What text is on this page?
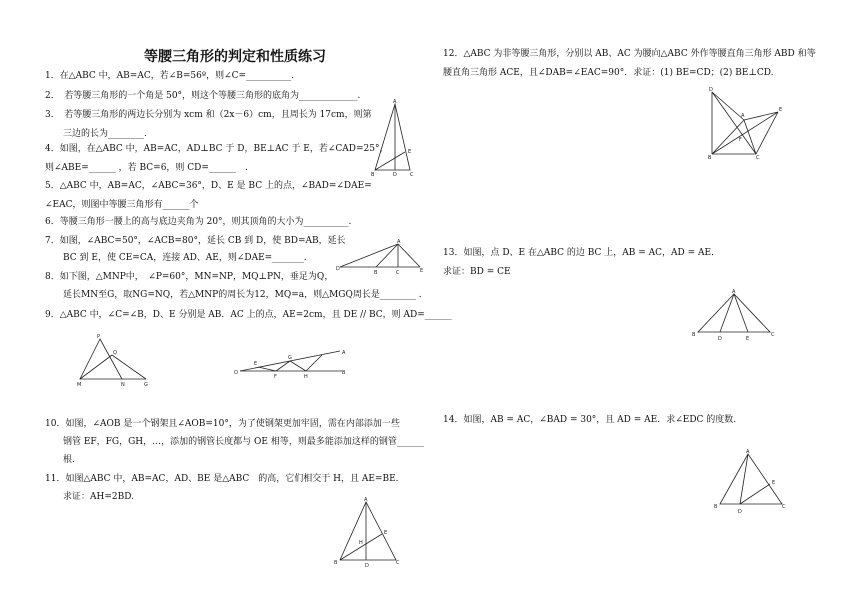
等腰三角形的判定和性质练习
1．在△ABC 中，AB=AC，若∠B=56º，则∠C=__________.
2．　若等腰三角形的一个角是 50°，则这个等腰三角形的底角为_____________.
3．　若等腰三角形的两边长分别为 xcm 和（2x－6）cm，且周长为 17cm，则第
　　三边的长为________.
4．如图，在△ABC 中，AB=AC，AD⊥BC 于 D，BE⊥AC 于 E，若∠CAD=25°，
则∠ABE=______ ，若 BC=6，则 CD=______　.
5．△ABC 中，AB=AC，∠ABC=36°，D、E 是 BC 上的点，∠BAD=∠DAE=
∠EAC，则图中等腰三角形有______个
6．等腰三角形一腰上的高与底边夹角为 20°，则其顶角的大小为__________.
7．如图，∠ABC=50°，∠ACB=80°，延长 CB 到 D，使 BD=AB，延长
　　BC 到 E，使 CE=CA，连接 AD、AE，则∠DAE=_______.
8．如下图，△MNP中，　∠P=60°，MN=NP，MQ⊥PN，垂足为Q，
　　延长MN至G，取NG=NQ，若△MNP的周长为12，MQ=a，则△MGQ周长是________ .
9．△ABC 中，∠C=∠B，D、E 分别是 AB．AC 上的点，AE=2cm，且 DE // BC，则 AD=______
10．如图，∠AOB 是一个钢架且∠AOB=10°，为了使钢架更加牢固，需在内部添加一些
　　钢管 EF，FG，GH，…，添加的钢管长度都与 OE 相等，则最多能添加这样的钢管______
　　根.
11．如图△ABC 中，AB=AC，AD、BE 是△ABC　的高，它们相交于 H，且 AE=BE.
　　求证：AH=2BD.
12．△ABC 为非等腰三角形，分别以 AB、AC 为腰向△ABC 外作等腰直角三角形 ABD 和等
腰直角三角形 ACE，且∠DAB=∠EAC=90°．求证：(1) BE=CD；(2) BE⊥CD.
13．如图，点 D、E 在△ABC 的边 BC 上，AB = AC，AD = AE．
求证：BD = CE
14．如图，AB = AC，∠BAD = 30°，且 AD = AE．求∠EDC 的度数.
A
E
B	D	C
A
D
B	C	E
P
Q
M	N	G
A
E
G
O
F	H
B
A
E
H
B	D	C
D
A
E
B	C
F
A
B
D	E
C
A
B
D
C
E
